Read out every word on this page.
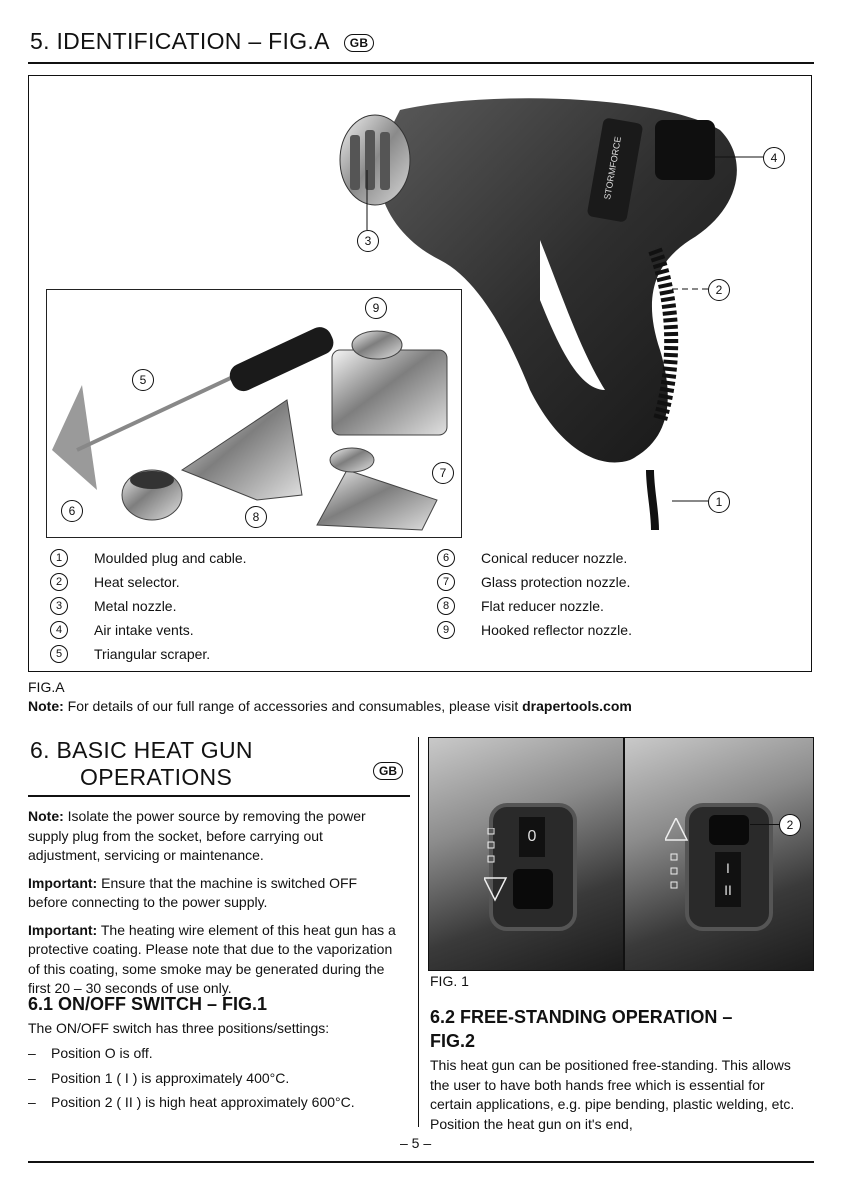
5. IDENTIFICATION – FIG.A GB
STORMFORCE
3
4
2
1
9
5
7
6	8
1	Moulded plug and cable.
2	Heat selector.
3	Metal nozzle.
4	Air intake vents.
5	Triangular scraper.
6	Conical reducer nozzle.
7	Glass protection nozzle.
8	Flat reducer nozzle.
9	Hooked reflector nozzle.
FIG.A
Note: For details of our full range of accessories and consumables, please visit drapertools.com
6. BASIC HEAT GUN
OPERATIONS	GB

Note: Isolate the power source by removing the power supply plug from the socket, before carrying out adjustment, servicing or maintenance.

Important: Ensure that the machine is switched OFF before connecting to the power supply.

Important: The heating wire element of this heat gun has a protective coating. Please note that due to the vaporization of this coating, some smoke may be generated during the first 20 – 30 seconds of use only.

6.1 ON/OFF SWITCH – FIG.1
The ON/OFF switch has three positions/settings:
– Position O is off.
– Position 1 ( I ) is approximately 400°C.
– Position 2 ( II ) is high heat approximately 600°C.
0
I
II
2
FIG. 1
6.2 FREE-STANDING OPERATION –
FIG.2
This heat gun can be positioned free-standing. This allows the user to have both hands free which is essential for certain applications, e.g. pipe bending, plastic welding, etc. Position the heat gun on it's end,
– 5 –
